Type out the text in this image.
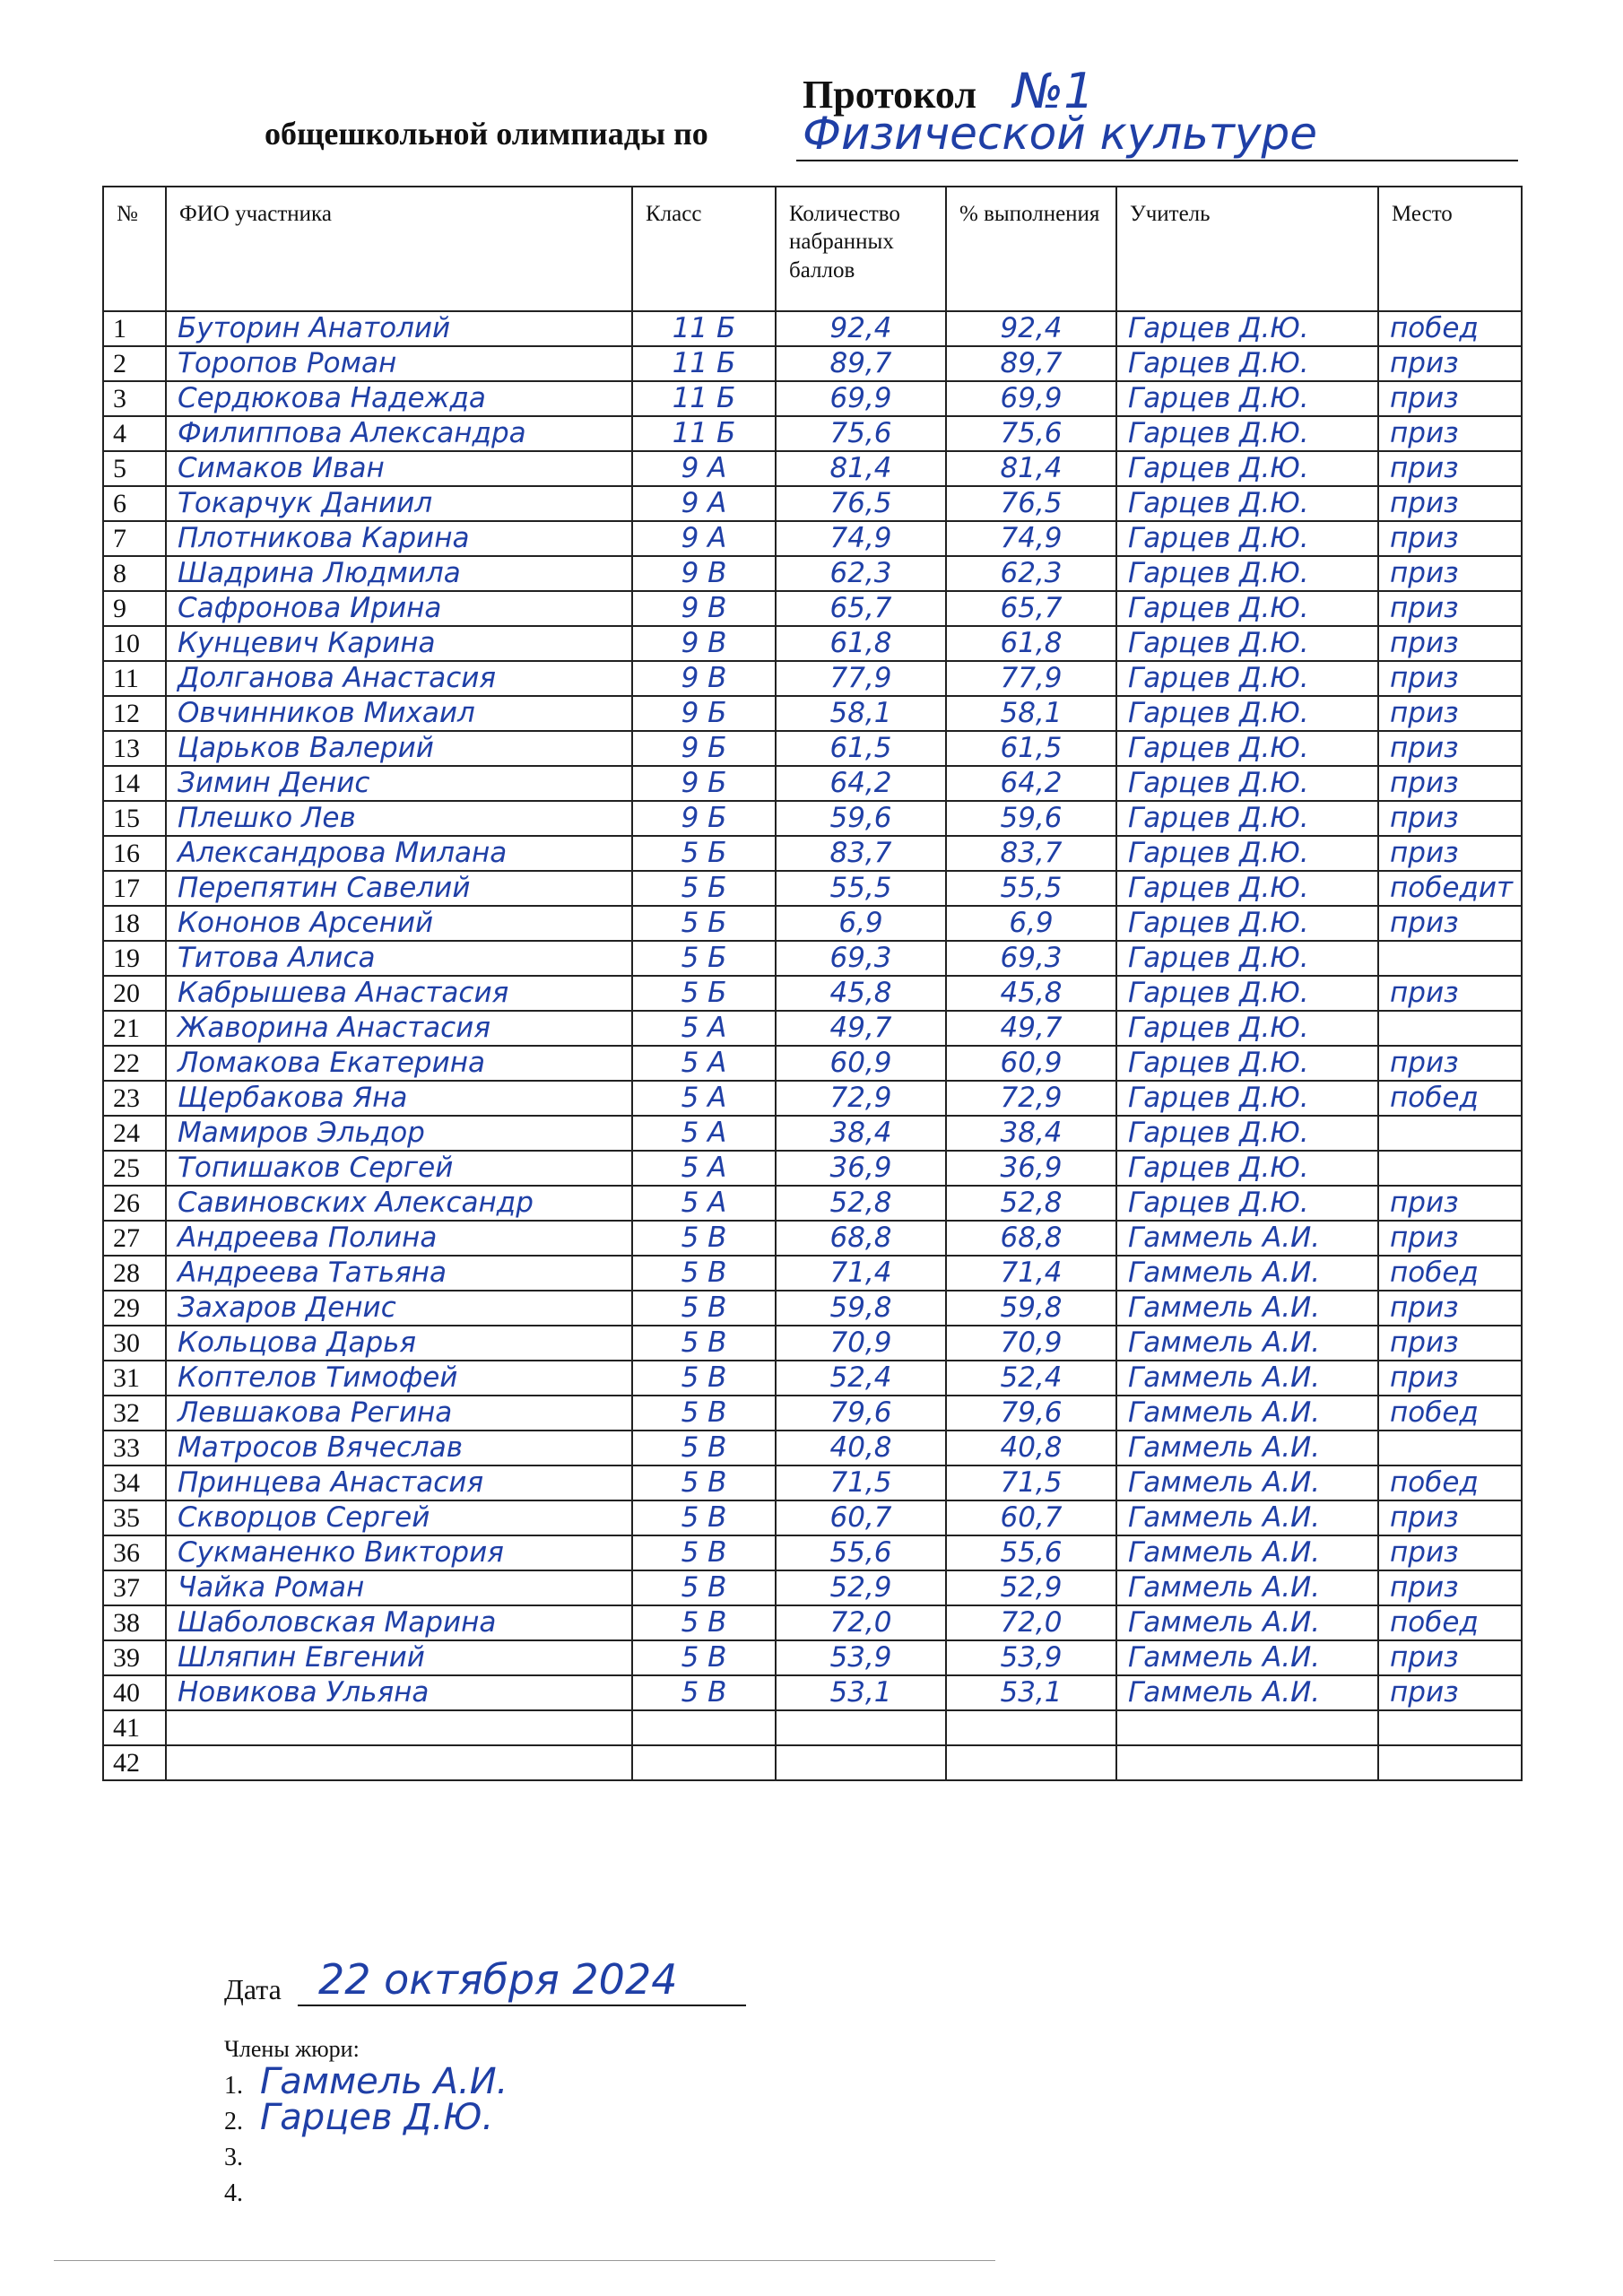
Протокол №1
общешкольной олимпиады по Физической культуре
№	ФИО участника	Класс	Количество набранных баллов	% выполнения	Учитель	Место
1	Буторин Анатолий	11 Б	92,4	92,4	Гарцев Д.Ю.	побед
2	Торопов Роман	11 Б	89,7	89,7	Гарцев Д.Ю.	приз
3	Сердюкова Надежда	11 Б	69,9	69,9	Гарцев Д.Ю.	приз
4	Филиппова Александра	11 Б	75,6	75,6	Гарцев Д.Ю.	приз
5	Симаков Иван	9 А	81,4	81,4	Гарцев Д.Ю.	приз
6	Токарчук Даниил	9 А	76,5	76,5	Гарцев Д.Ю.	приз
7	Плотникова Карина	9 А	74,9	74,9	Гарцев Д.Ю.	приз
8	Шадрина Людмила	9 В	62,3	62,3	Гарцев Д.Ю.	приз
9	Сафронова Ирина	9 В	65,7	65,7	Гарцев Д.Ю.	приз
10	Кунцевич Карина	9 В	61,8	61,8	Гарцев Д.Ю.	приз
11	Долганова Анастасия	9 В	77,9	77,9	Гарцев Д.Ю.	приз
12	Овчинников Михаил	9 Б	58,1	58,1	Гарцев Д.Ю.	приз
13	Царьков Валерий	9 Б	61,5	61,5	Гарцев Д.Ю.	приз
14	Зимин Денис	9 Б	64,2	64,2	Гарцев Д.Ю.	приз
15	Плешко Лев	9 Б	59,6	59,6	Гарцев Д.Ю.	приз
16	Александрова Милана	5 Б	83,7	83,7	Гарцев Д.Ю.	приз
17	Перепятин Савелий	5 Б	55,5	55,5	Гарцев Д.Ю.	победит
18	Кононов Арсений	5 Б	6,9	6,9	Гарцев Д.Ю.	приз
19	Титова Алиса	5 Б	69,3	69,3	Гарцев Д.Ю.	
20	Кабрышева Анастасия	5 Б	45,8	45,8	Гарцев Д.Ю.	приз
21	Жаворина Анастасия	5 А	49,7	49,7	Гарцев Д.Ю.	
22	Ломакова Екатерина	5 А	60,9	60,9	Гарцев Д.Ю.	приз
23	Щербакова Яна	5 А	72,9	72,9	Гарцев Д.Ю.	побед
24	Мамиров Эльдор	5 А	38,4	38,4	Гарцев Д.Ю.	
25	Топишаков Сергей	5 А	36,9	36,9	Гарцев Д.Ю.	
26	Савиновских Александр	5 А	52,8	52,8	Гарцев Д.Ю.	приз
27	Андреева Полина	5 В	68,8	68,8	Гаммель А.И.	приз
28	Андреева Татьяна	5 В	71,4	71,4	Гаммель А.И.	побед
29	Захаров Денис	5 В	59,8	59,8	Гаммель А.И.	приз
30	Кольцова Дарья	5 В	70,9	70,9	Гаммель А.И.	приз
31	Коптелов Тимофей	5 В	52,4	52,4	Гаммель А.И.	приз
32	Левшакова Регина	5 В	79,6	79,6	Гаммель А.И.	побед
33	Матросов Вячеслав	5 В	40,8	40,8	Гаммель А.И.	
34	Принцева Анастасия	5 В	71,5	71,5	Гаммель А.И.	побед
35	Скворцов Сергей	5 В	60,7	60,7	Гаммель А.И.	приз
36	Сукманенко Виктория	5 В	55,6	55,6	Гаммель А.И.	приз
37	Чайка Роман	5 В	52,9	52,9	Гаммель А.И.	приз
38	Шаболовская Марина	5 В	72,0	72,0	Гаммель А.И.	побед
39	Шляпин Евгений	5 В	53,9	53,9	Гаммель А.И.	приз
40	Новикова Ульяна	5 В	53,1	53,1	Гаммель А.И.	приз
41						
42						
Дата 22 октября 2024
Члены жюри:
1. Гаммель А.И.
2. Гарцев Д.Ю.
3.
4.
